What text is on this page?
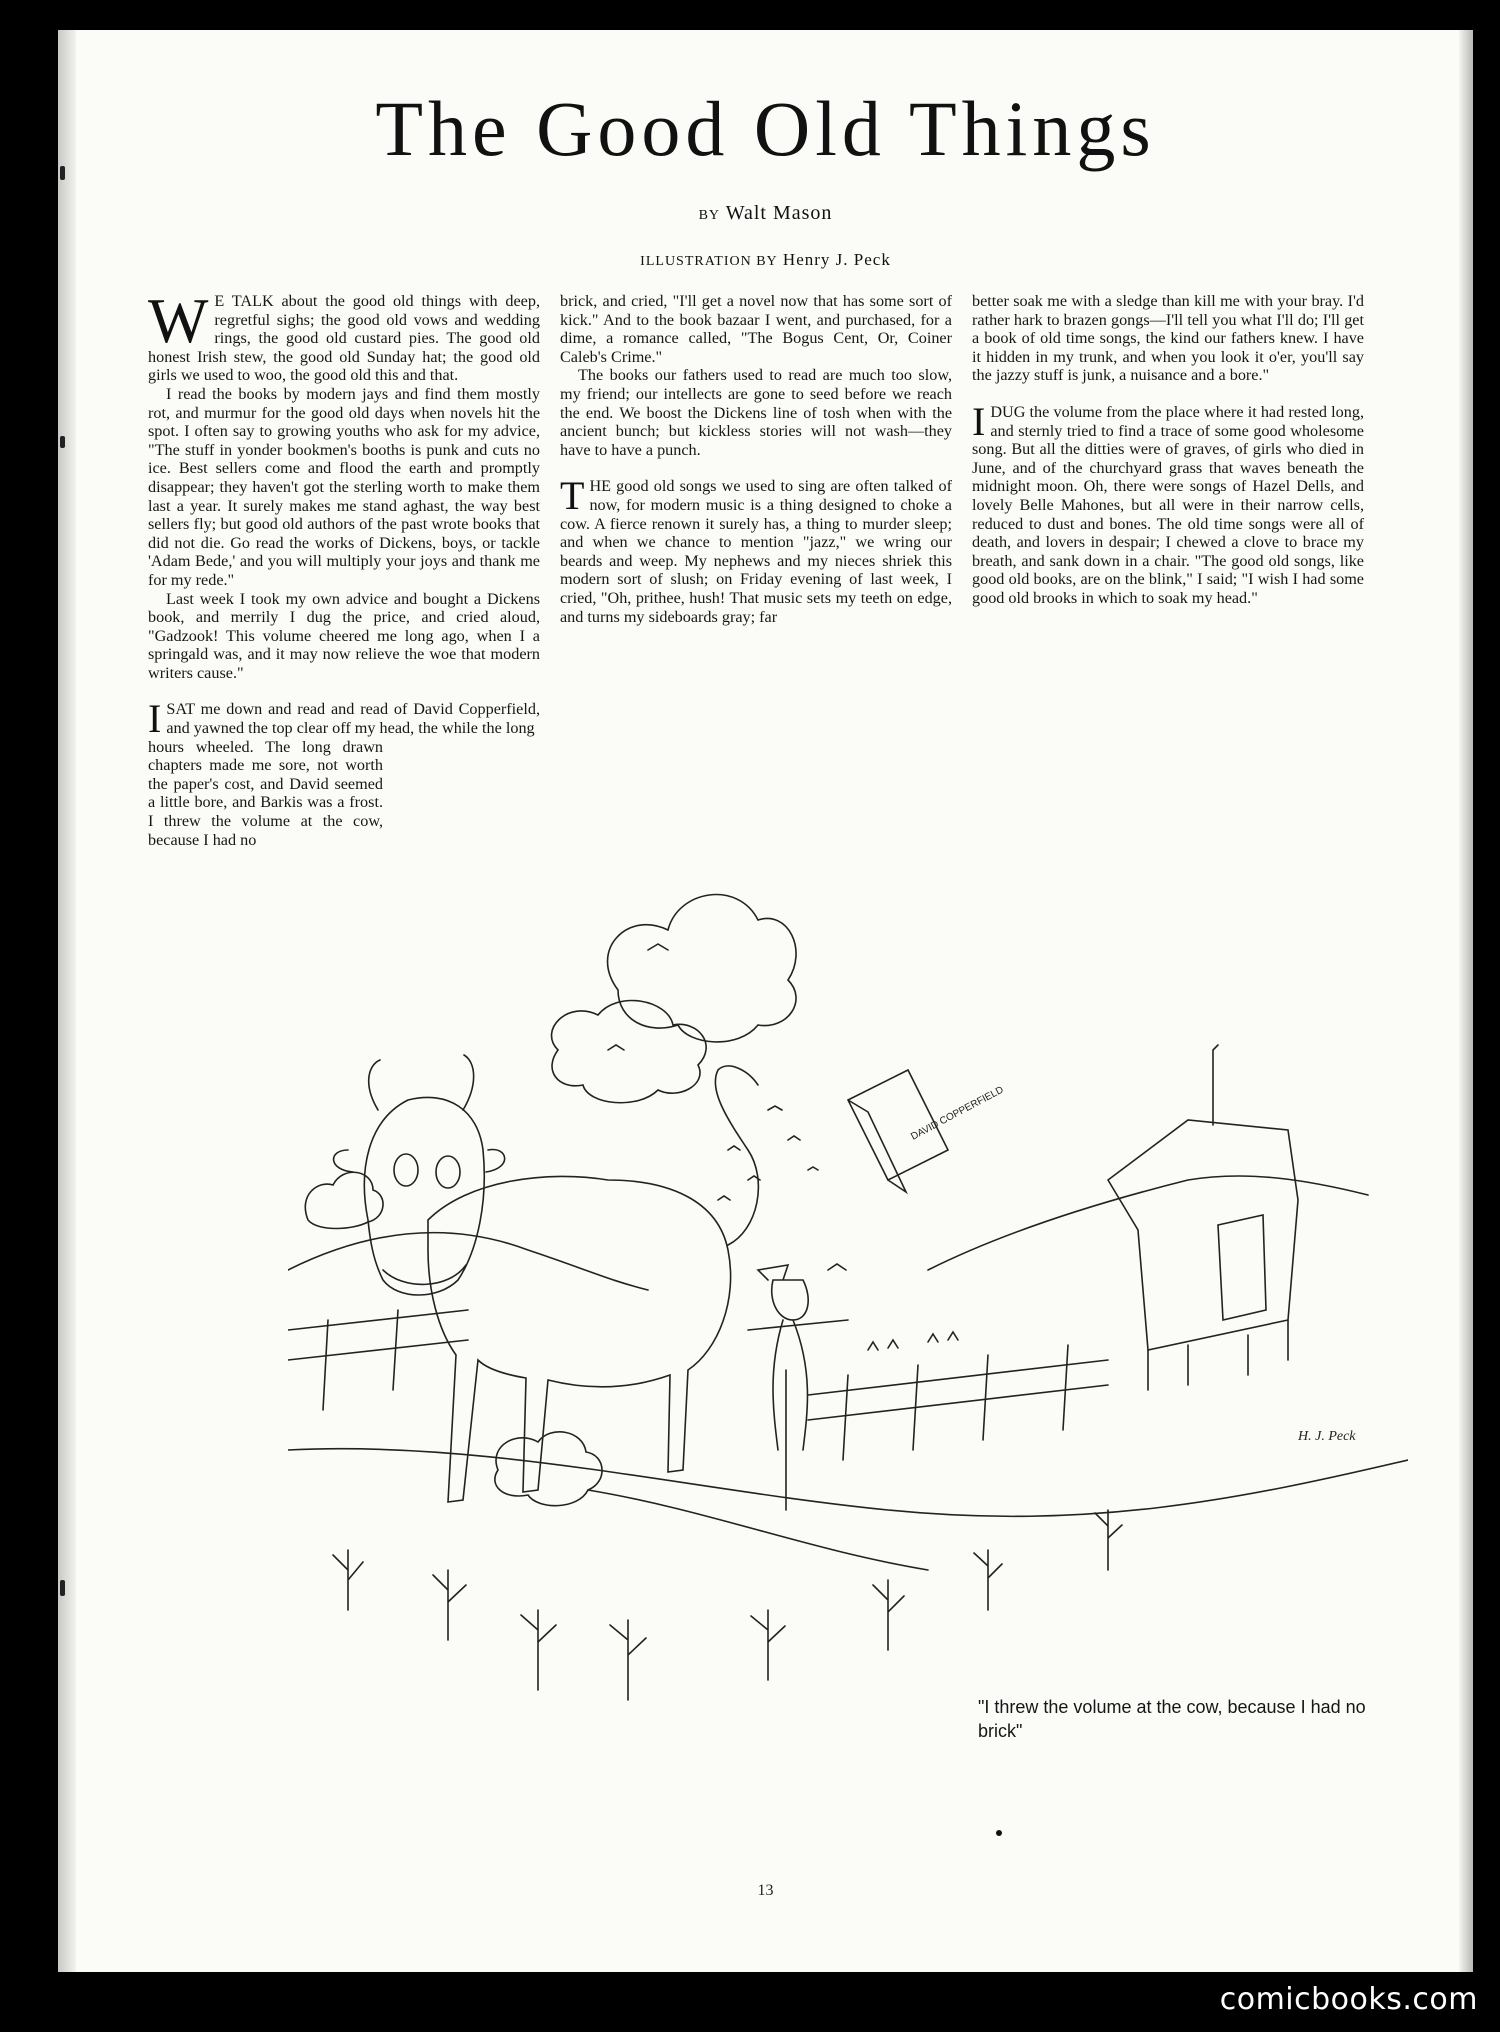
The Good Old Things
BY Walt Mason
ILLUSTRATION BY Henry J. Peck

W E TALK about the good old things with deep, regretful sighs; the good old vows and wedding rings, the good old custard pies. The good old honest Irish stew, the good old Sunday hat; the good old girls we used to woo, the good old this and that.

I read the books by modern jays and find them mostly rot, and murmur for the good old days when novels hit the spot. I often say to growing youths who ask for my advice, "The stuff in yonder bookmen's booths is punk and cuts no ice. Best sellers come and flood the earth and promptly disappear; they haven't got the sterling worth to make them last a year. It surely makes me stand aghast, the way best sellers fly; but good old authors of the past wrote books that did not die. Go read the works of Dickens, boys, or tackle 'Adam Bede,' and you will multiply your joys and thank me for my rede."

Last week I took my own advice and bought a Dickens book, and merrily I dug the price, and cried aloud, "Gadzook! This volume cheered me long ago, when I a springald was, and it may now relieve the woe that modern writers cause."

ISAT me down and read and read of David Copperfield, and yawned the top clear off my head, the while the long

hours wheeled. The long drawn chapters made me sore, not worth the paper's cost, and David seemed a little bore, and Barkis was a frost. I threw the volume at the cow, because I had no

brick, and cried, "I'll get a novel now that has some sort of kick." And to the book bazaar I went, and purchased, for a dime, a romance called, "The Bogus Cent, Or, Coiner Caleb's Crime."

The books our fathers used to read are much too slow, my friend; our intellects are gone to seed before we reach the end. We boost the Dickens line of tosh when with the ancient bunch; but kickless stories will not wash—they have to have a punch.

THE good old songs we used to sing are often talked of now, for modern music is a thing designed to choke a cow. A fierce renown it surely has, a thing to murder sleep; and when we chance to mention "jazz," we wring our beards and weep. My nephews and my nieces shriek this modern sort of slush; on Friday evening of last week, I cried, "Oh, prithee, hush! That music sets my teeth on edge, and turns my sideboards gray; far

better soak me with a sledge than kill me with your bray. I'd rather hark to brazen gongs—I'll tell you what I'll do; I'll get a book of old time songs, the kind our fathers knew. I have it hidden in my trunk, and when you look it o'er, you'll say the jazzy stuff is junk, a nuisance and a bore."

IDUG the volume from the place where it had rested long, and sternly tried to find a trace of some good wholesome song. But all the ditties were of graves, of girls who died in June, and of the churchyard grass that waves beneath the midnight moon. Oh, there were songs of Hazel Dells, and lovely Belle Mahones, but all were in their narrow cells, reduced to dust and bones. The old time songs were all of death, and lovers in despair; I chewed a clove to brace my breath, and sank down in a chair. "The good old songs, like good old books, are on the blink," I said; "I wish I had some good old brooks in which to soak my head."

DAVID COPPERFIELD
H. J. Peck
"I threw the volume at the cow, because I had no brick"
13
comicbooks.com
